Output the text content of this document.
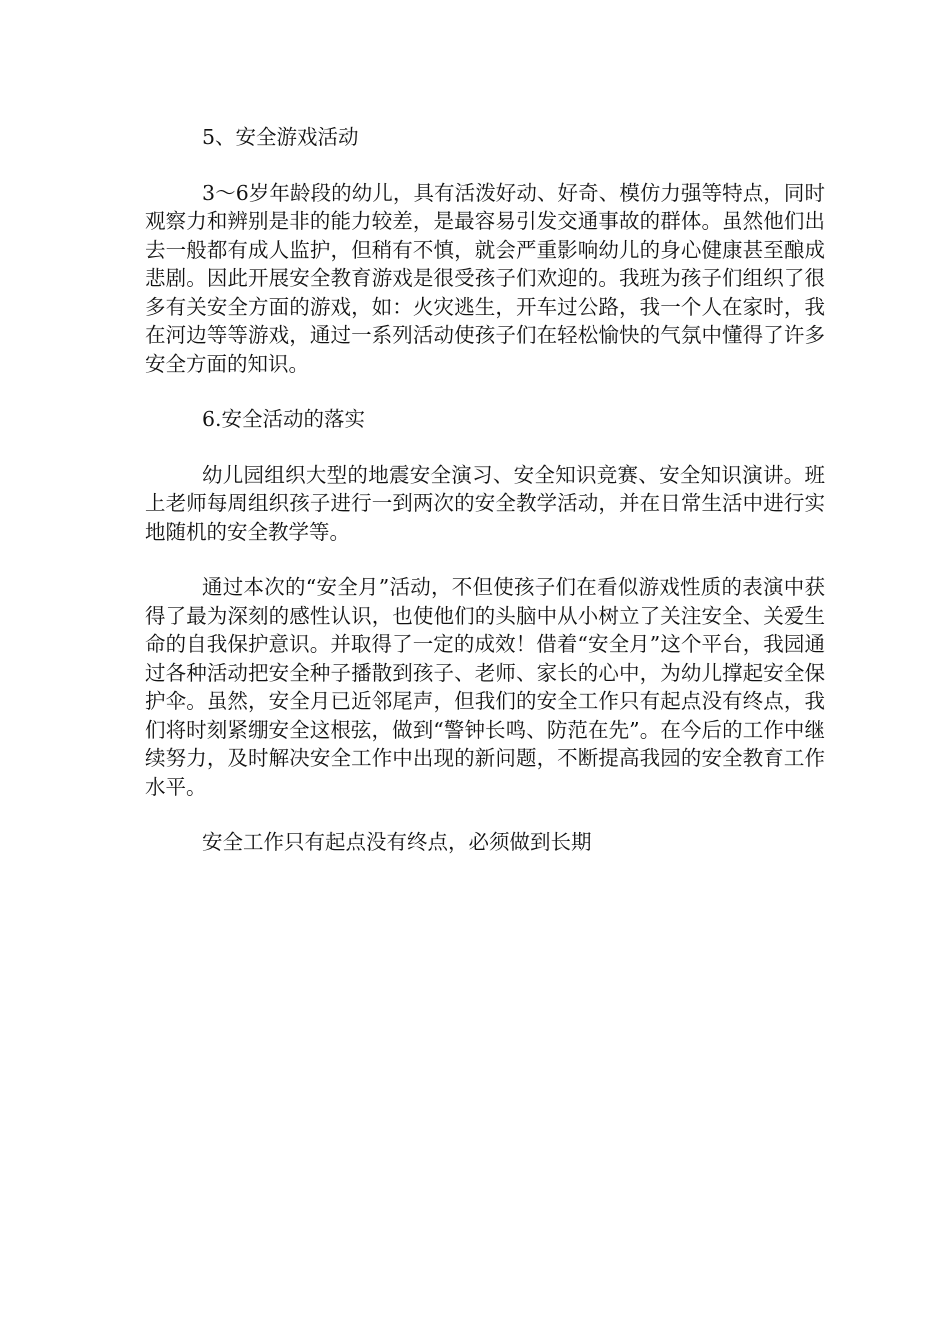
5、安全游戏活动

3～6岁年龄段的幼儿，具有活泼好动、好奇、模仿力强等特点，同时观察力和辨别是非的能力较差，是最容易引发交通事故的群体。虽然他们出去一般都有成人监护，但稍有不慎，就会严重影响幼儿的身心健康甚至酿成悲剧。因此开展安全教育游戏是很受孩子们欢迎的。我班为孩子们组织了很多有关安全方面的游戏，如：火灾逃生，开车过公路，我一个人在家时，我在河边等等游戏，通过一系列活动使孩子们在轻松愉快的气氛中懂得了许多安全方面的知识。

6.安全活动的落实

幼儿园组织大型的地震安全演习、安全知识竞赛、安全知识演讲。班上老师每周组织孩子进行一到两次的安全教学活动，并在日常生活中进行实地随机的安全教学等。

通过本次的“安全月”活动，不但使孩子们在看似游戏性质的表演中获得了最为深刻的感性认识，也使他们的头脑中从小树立了关注安全、关爱生命的自我保护意识。并取得了一定的成效！借着“安全月”这个平台，我园通过各种活动把安全种子播散到孩子、老师、家长的心中，为幼儿撑起安全保护伞。虽然，安全月已近邻尾声，但我们的安全工作只有起点没有终点，我们将时刻紧绷安全这根弦，做到“警钟长鸣、防范在先”。在今后的工作中继续努力，及时解决安全工作中出现的新问题，不断提高我园的安全教育工作水平。

安全工作只有起点没有终点，必须做到长期
